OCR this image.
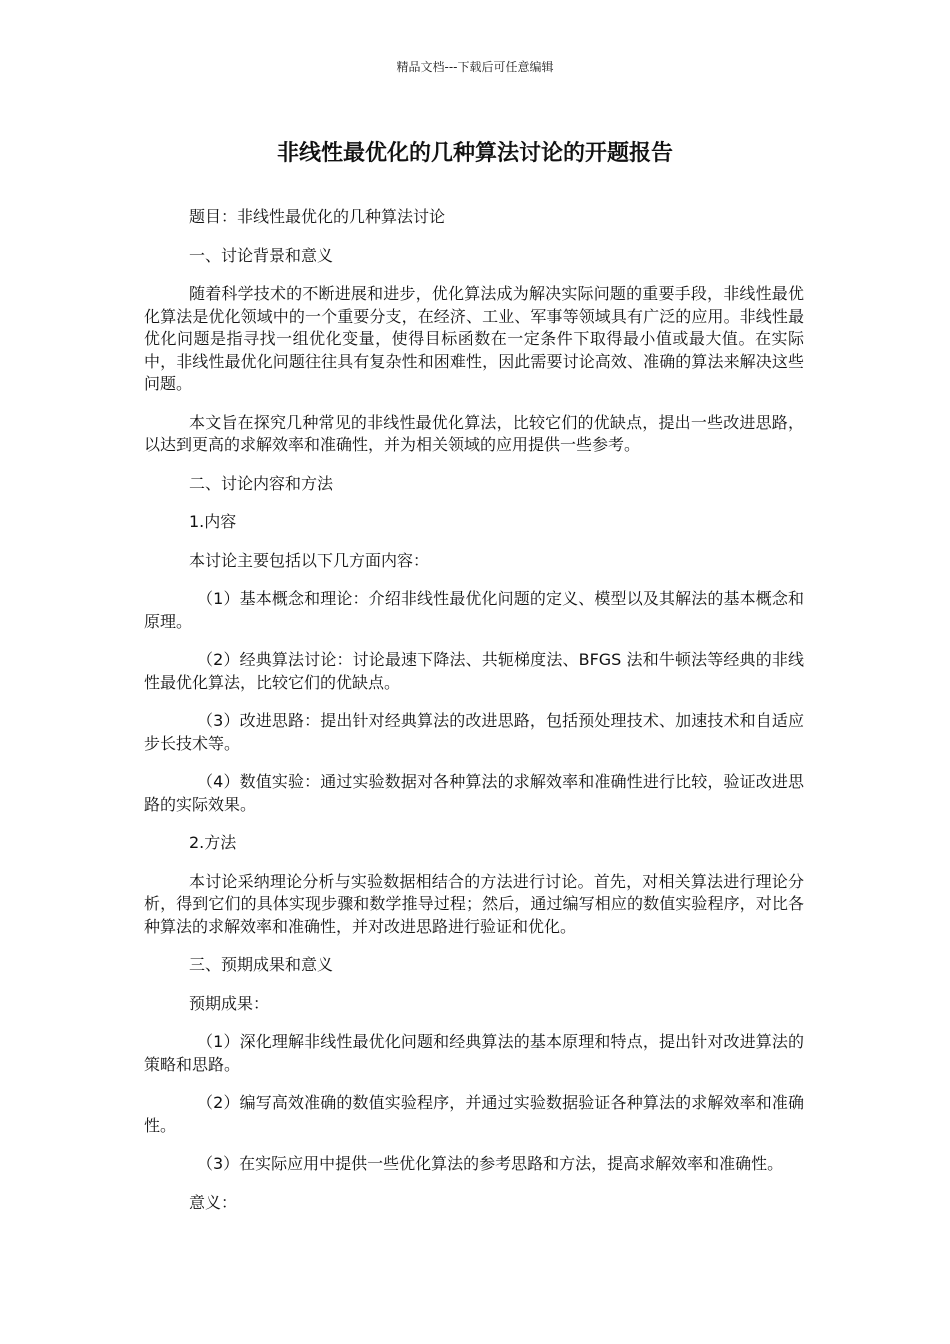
精品文档---下载后可任意编辑
非线性最优化的几种算法讨论的开题报告

题目：非线性最优化的几种算法讨论

一、讨论背景和意义

随着科学技术的不断进展和进步，优化算法成为解决实际问题的重要手段，非线性最优化算法是优化领域中的一个重要分支，在经济、工业、军事等领域具有广泛的应用。非线性最优化问题是指寻找一组优化变量，使得目标函数在一定条件下取得最小值或最大值。在实际中，非线性最优化问题往往具有复杂性和困难性，因此需要讨论高效、准确的算法来解决这些问题。

本文旨在探究几种常见的非线性最优化算法，比较它们的优缺点，提出一些改进思路，以达到更高的求解效率和准确性，并为相关领域的应用提供一些参考。

二、讨论内容和方法

1.内容

本讨论主要包括以下几方面内容：

（1）基本概念和理论：介绍非线性最优化问题的定义、模型以及其解法的基本概念和原理。

（2）经典算法讨论：讨论最速下降法、共轭梯度法、BFGS 法和牛顿法等经典的非线性最优化算法，比较它们的优缺点。

（3）改进思路：提出针对经典算法的改进思路，包括预处理技术、加速技术和自适应步长技术等。

（4）数值实验：通过实验数据对各种算法的求解效率和准确性进行比较，验证改进思路的实际效果。

2.方法

本讨论采纳理论分析与实验数据相结合的方法进行讨论。首先，对相关算法进行理论分析，得到它们的具体实现步骤和数学推导过程；然后，通过编写相应的数值实验程序，对比各种算法的求解效率和准确性，并对改进思路进行验证和优化。

三、预期成果和意义

预期成果：

（1）深化理解非线性最优化问题和经典算法的基本原理和特点，提出针对改进算法的策略和思路。

（2）编写高效准确的数值实验程序，并通过实验数据验证各种算法的求解效率和准确性。

（3）在实际应用中提供一些优化算法的参考思路和方法，提高求解效率和准确性。

意义：
